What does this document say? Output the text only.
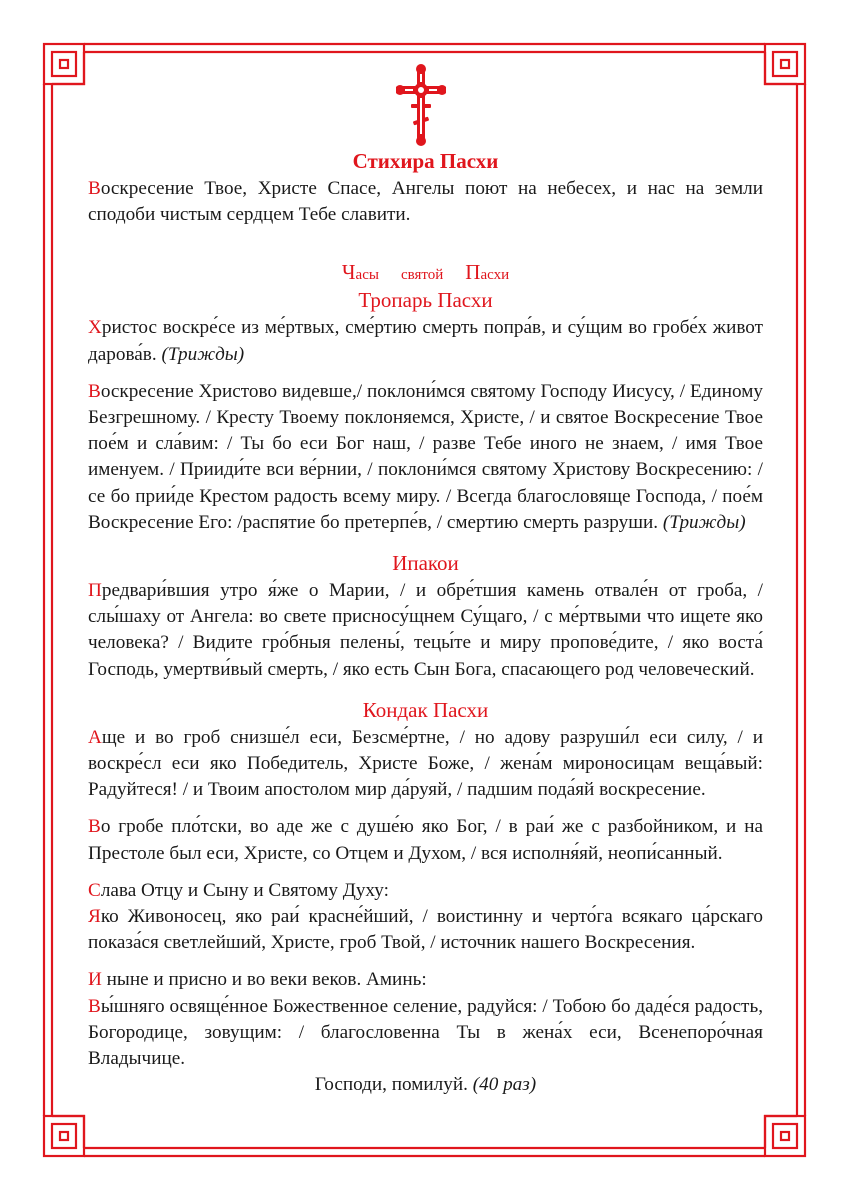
Стихира Пасхи

Воскресение Твое, Христе Спасе, Ангелы поют на небесех, и нас на земли сподоби чистым сердцем Тебе славити.

Часы святой Пасхи
Тропарь Пасхи

Христос воскре́се из ме́ртвых, сме́ртию смерть попра́в, и су́щим во гробе́х живот дарова́в. (Трижды)

Воскресение Христово видевше,/ поклони́мся святому Господу Иисусу, / Единому Безгрешному. / Кресту Твоему поклоняемся, Христе, / и святое Воскресение Твое пое́м и сла́вим: / Ты бо еси Бог наш, / разве Тебе иного не знаем, / имя Твое именуем. / Прииди́те вси ве́рнии, / поклони́мся святому Христову Воскресению: / се бо прии́де Крестом радость всему миру. / Всегда благословяще Господа, / пое́м Воскресение Его: /распятие бо претерпе́в, / смертию смерть разруши. (Трижды)

Ипакои

Предвари́вшия утро я́же о Марии, / и обре́тшия камень отвале́н от гроба, / слы́шаху от Ангела: во свете присносу́щнем Су́щаго, / с ме́ртвыми что ищете яко человека? / Видите гро́бныя пелены́, тецы́те и миру пропове́дите, / яко воста́ Господь, умертви́вый смерть, / яко есть Сын Бога, спасающего род человеческий.

Кондак Пасхи

Аще и во гроб снизше́л еси, Безсме́ртне, / но адову разруши́л еси силу, / и воскре́сл еси яко Победитель, Христе Боже, / жена́м мироносицам веща́вый: Радуйтеся! / и Твоим апостолом мир да́руяй, / падшим пода́яй воскресение.

Во гробе пло́тски, во аде же с душе́ю яко Бог, / в раи́ же с разбойником, и на Престоле был еси, Христе, со Отцем и Духом, / вся исполня́яй, неопи́санный.

Слава Отцу и Сыну и Святому Духу:

Яко Живоносец, яко раи́ красне́йший, / воистинну и черто́га всякаго ца́рскаго показа́ся светлейший, Христе, гроб Твой, / источник нашего Воскресения.

И ныне и присно и во веки веков. Аминь:

Вы́шняго освяще́нное Божественное селение, радуйся: / Тобою бо даде́ся радость, Богородице, зовущим: / благословенна Ты в жена́х еси, Всенепоро́чная Владычице.

Господи, помилуй. (40 раз)
